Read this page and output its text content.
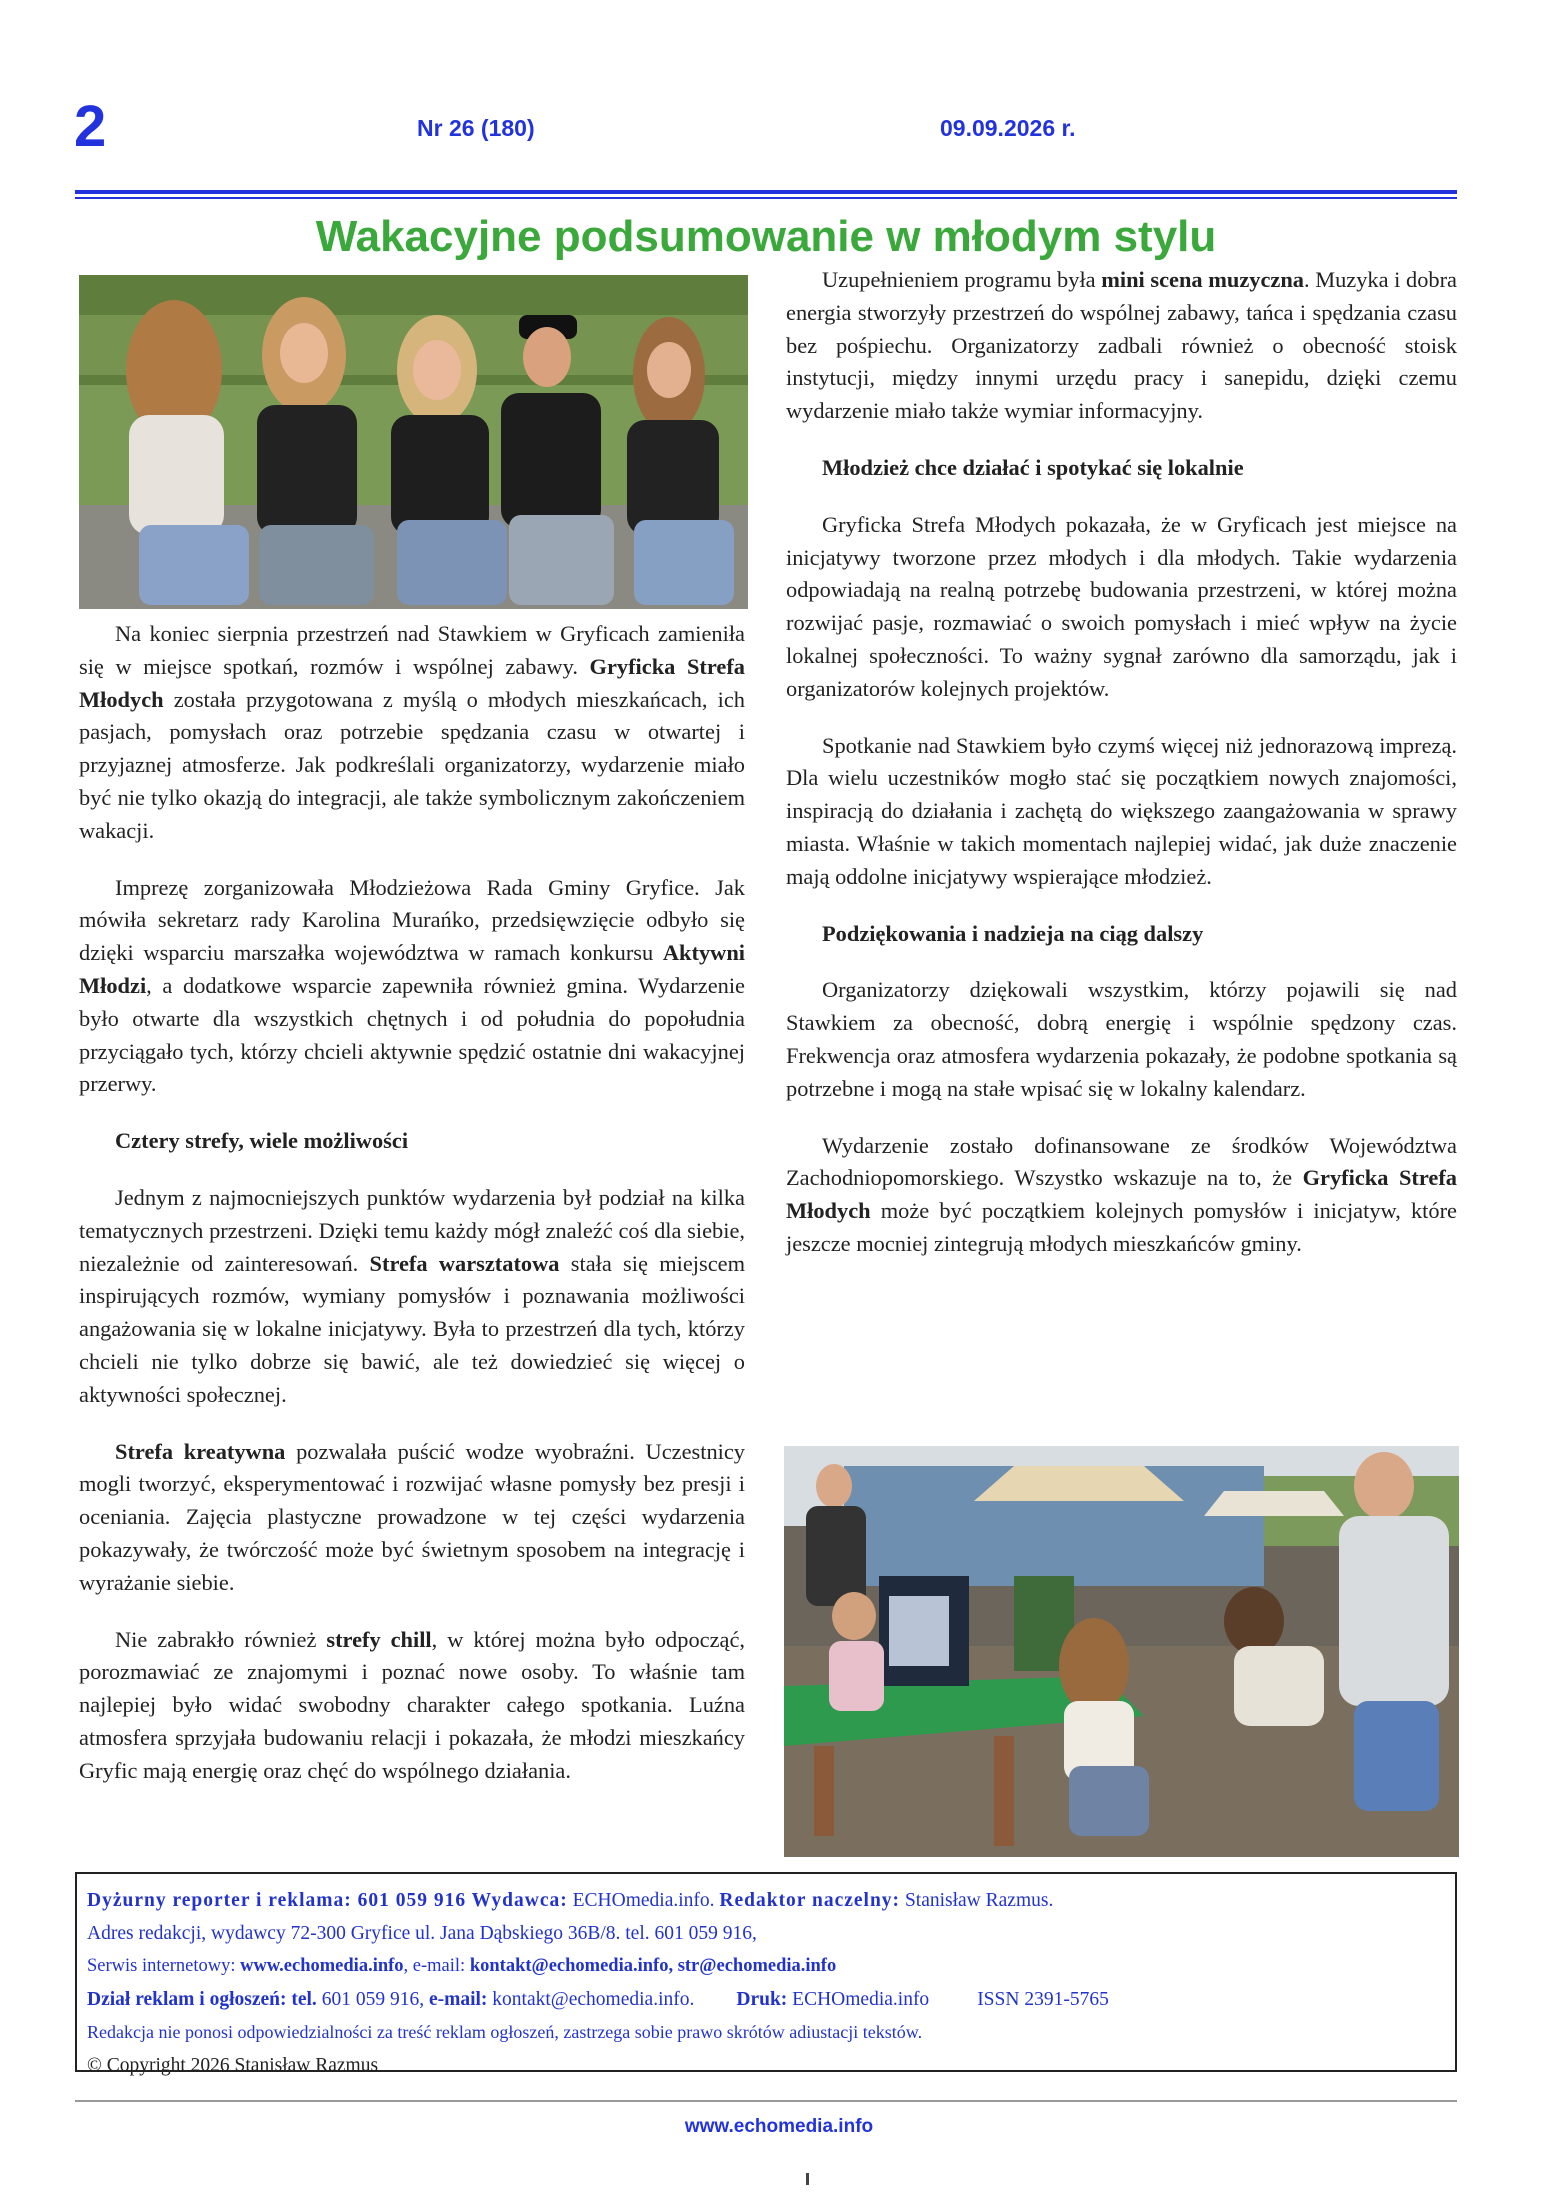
2	Nr 26 (180)	09.09.2026 r.
Wakacyjne podsumowanie w młodym stylu

Na koniec sierpnia przestrzeń nad Stawkiem w Gryficach zamieniła się w miejsce spotkań, rozmów i wspólnej zabawy. Gryficka Strefa Młodych została przygotowana z myślą o młodych mieszkańcach, ich pasjach, pomysłach oraz potrzebie spędzania czasu w otwartej i przyjaznej atmosferze. Jak podkreślali organizatorzy, wydarzenie miało być nie tylko okazją do integracji, ale także symbolicznym zakończeniem wakacji.

Imprezę zorganizowała Młodzieżowa Rada Gminy Gryfice. Jak mówiła sekretarz rady Karolina Murańko, przedsięwzięcie odbyło się dzięki wsparciu marszałka województwa w ramach konkursu Aktywni Młodzi, a dodatkowe wsparcie zapewniła również gmina. Wydarzenie było otwarte dla wszystkich chętnych i od południa do popołudnia przyciągało tych, którzy chcieli aktywnie spędzić ostatnie dni wakacyjnej przerwy.

Cztery strefy, wiele możliwości

Jednym z najmocniejszych punktów wydarzenia był podział na kilka tematycznych przestrzeni. Dzięki temu każdy mógł znaleźć coś dla siebie, niezależnie od zainteresowań. Strefa warsztatowa stała się miejscem inspirujących rozmów, wymiany pomysłów i poznawania możliwości angażowania się w lokalne inicjatywy. Była to przestrzeń dla tych, którzy chcieli nie tylko dobrze się bawić, ale też dowiedzieć się więcej o aktywności społecznej.

Strefa kreatywna pozwalała puścić wodze wyobraźni. Uczestnicy mogli tworzyć, eksperymentować i rozwijać własne pomysły bez presji i oceniania. Zajęcia plastyczne prowadzone w tej części wydarzenia pokazywały, że twórczość może być świetnym sposobem na integrację i wyrażanie siebie.

Nie zabrakło również strefy chill, w której można było odpocząć, porozmawiać ze znajomymi i poznać nowe osoby. To właśnie tam najlepiej było widać swobodny charakter całego spotkania. Luźna atmosfera sprzyjała budowaniu relacji i pokazała, że młodzi mieszkańcy Gryfic mają energię oraz chęć do wspólnego działania.

Uzupełnieniem programu była mini scena muzyczna. Muzyka i dobra energia stworzyły przestrzeń do wspólnej zabawy, tańca i spędzania czasu bez pośpiechu. Organizatorzy zadbali również o obecność stoisk instytucji, między innymi urzędu pracy i sanepidu, dzięki czemu wydarzenie miało także wymiar informacyjny.

Młodzież chce działać i spotykać się lokalnie

Gryficka Strefa Młodych pokazała, że w Gryficach jest miejsce na inicjatywy tworzone przez młodych i dla młodych. Takie wydarzenia odpowiadają na realną potrzebę budowania przestrzeni, w której można rozwijać pasje, rozmawiać o swoich pomysłach i mieć wpływ na życie lokalnej społeczności. To ważny sygnał zarówno dla samorządu, jak i organizatorów kolejnych projektów.

Spotkanie nad Stawkiem było czymś więcej niż jednorazową imprezą. Dla wielu uczestników mogło stać się początkiem nowych znajomości, inspiracją do działania i zachętą do większego zaangażowania w sprawy miasta. Właśnie w takich momentach najlepiej widać, jak duże znaczenie mają oddolne inicjatywy wspierające młodzież.

Podziękowania i nadzieja na ciąg dalszy

Organizatorzy dziękowali wszystkim, którzy pojawili się nad Stawkiem za obecność, dobrą energię i wspólnie spędzony czas. Frekwencja oraz atmosfera wydarzenia pokazały, że podobne spotkania są potrzebne i mogą na stałe wpisać się w lokalny kalendarz.

Wydarzenie zostało dofinansowane ze środków Województwa Zachodniopomorskiego. Wszystko wskazuje na to, że Gryficka Strefa Młodych może być początkiem kolejnych pomysłów i inicjatyw, które jeszcze mocniej zintegrują młodych mieszkańców gminy.

Dyżurny reporter i reklama: 601 059 916 Wydawca: ECHOmedia.info. Redaktor naczelny: Stanisław Razmus.
Adres redakcji, wydawcy 72-300 Gryfice ul. Jana Dąbskiego 36B/8. tel. 601 059 916,
Serwis internetowy: www.echomedia.info, e-mail: kontakt@echomedia.info, str@echomedia.info
Dział reklam i ogłoszeń: tel. 601 059 916, e-mail: kontakt@echomedia.info. Druk: ECHOmedia.info ISSN 2391-5765
Redakcja nie ponosi odpowiedzialności za treść reklam ogłoszeń, zastrzega sobie prawo skrótów adiustacji tekstów.
© Copyright 2026 Stanisław Razmus
www.echomedia.info
